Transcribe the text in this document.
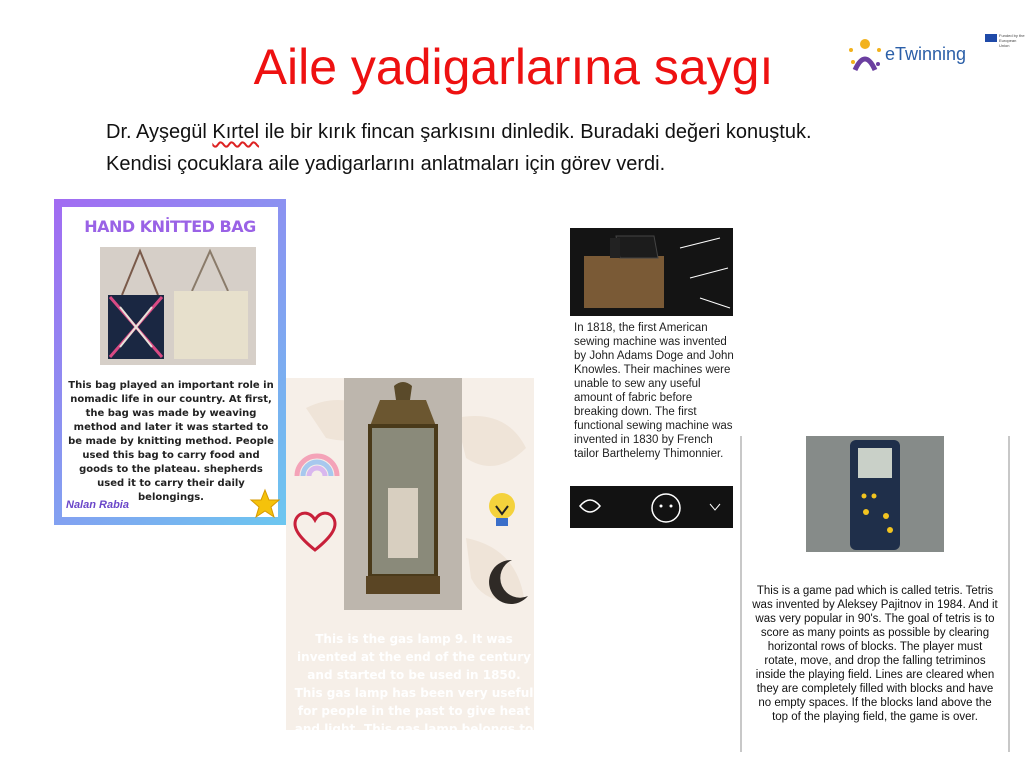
Aile yadigarlarına saygı	eTwinning
Funded by the European Union
Dr. Ayşegül Kırtel ile bir kırık fincan şarkısını dinledik. Buradaki değeri konuştuk.
Kendisi çocuklara aile yadigarlarını anlatmaları için görev verdi.
HAND KNİTTED BAG
This bag played an important role in nomadic life in our country. At first, the bag was made by weaving method and later it was started to be made by knitting method. People used this bag to carry food and goods to the plateau. shepherds used it to carry their daily belongings.
Nalan Rabia
This is the gas lamp 9. It was invented at the end of the century and started to be used in 1850. This gas lamp has been very useful for people in the past to give heat and light. This gas lamp belongs to my grandmother.
In 1818, the first American sewing machine was invented by John Adams Doge and John Knowles. Their machines were unable to sew any useful amount of fabric before breaking down. The first functional sewing machine was invented in 1830 by French tailor Barthelemy Thimonnier.
This is a game pad which is called tetris. Tetris was invented by Aleksey Pajitnov in 1984. And it was very popular in 90's. The goal of tetris is to score as many points as possible by clearing horizontal rows of blocks. The player must rotate, move, and drop the falling tetriminos inside the playing field. Lines are cleared when they are completely filled with blocks and have no empty spaces. If the blocks land above the top of the playing field, the game is over.
